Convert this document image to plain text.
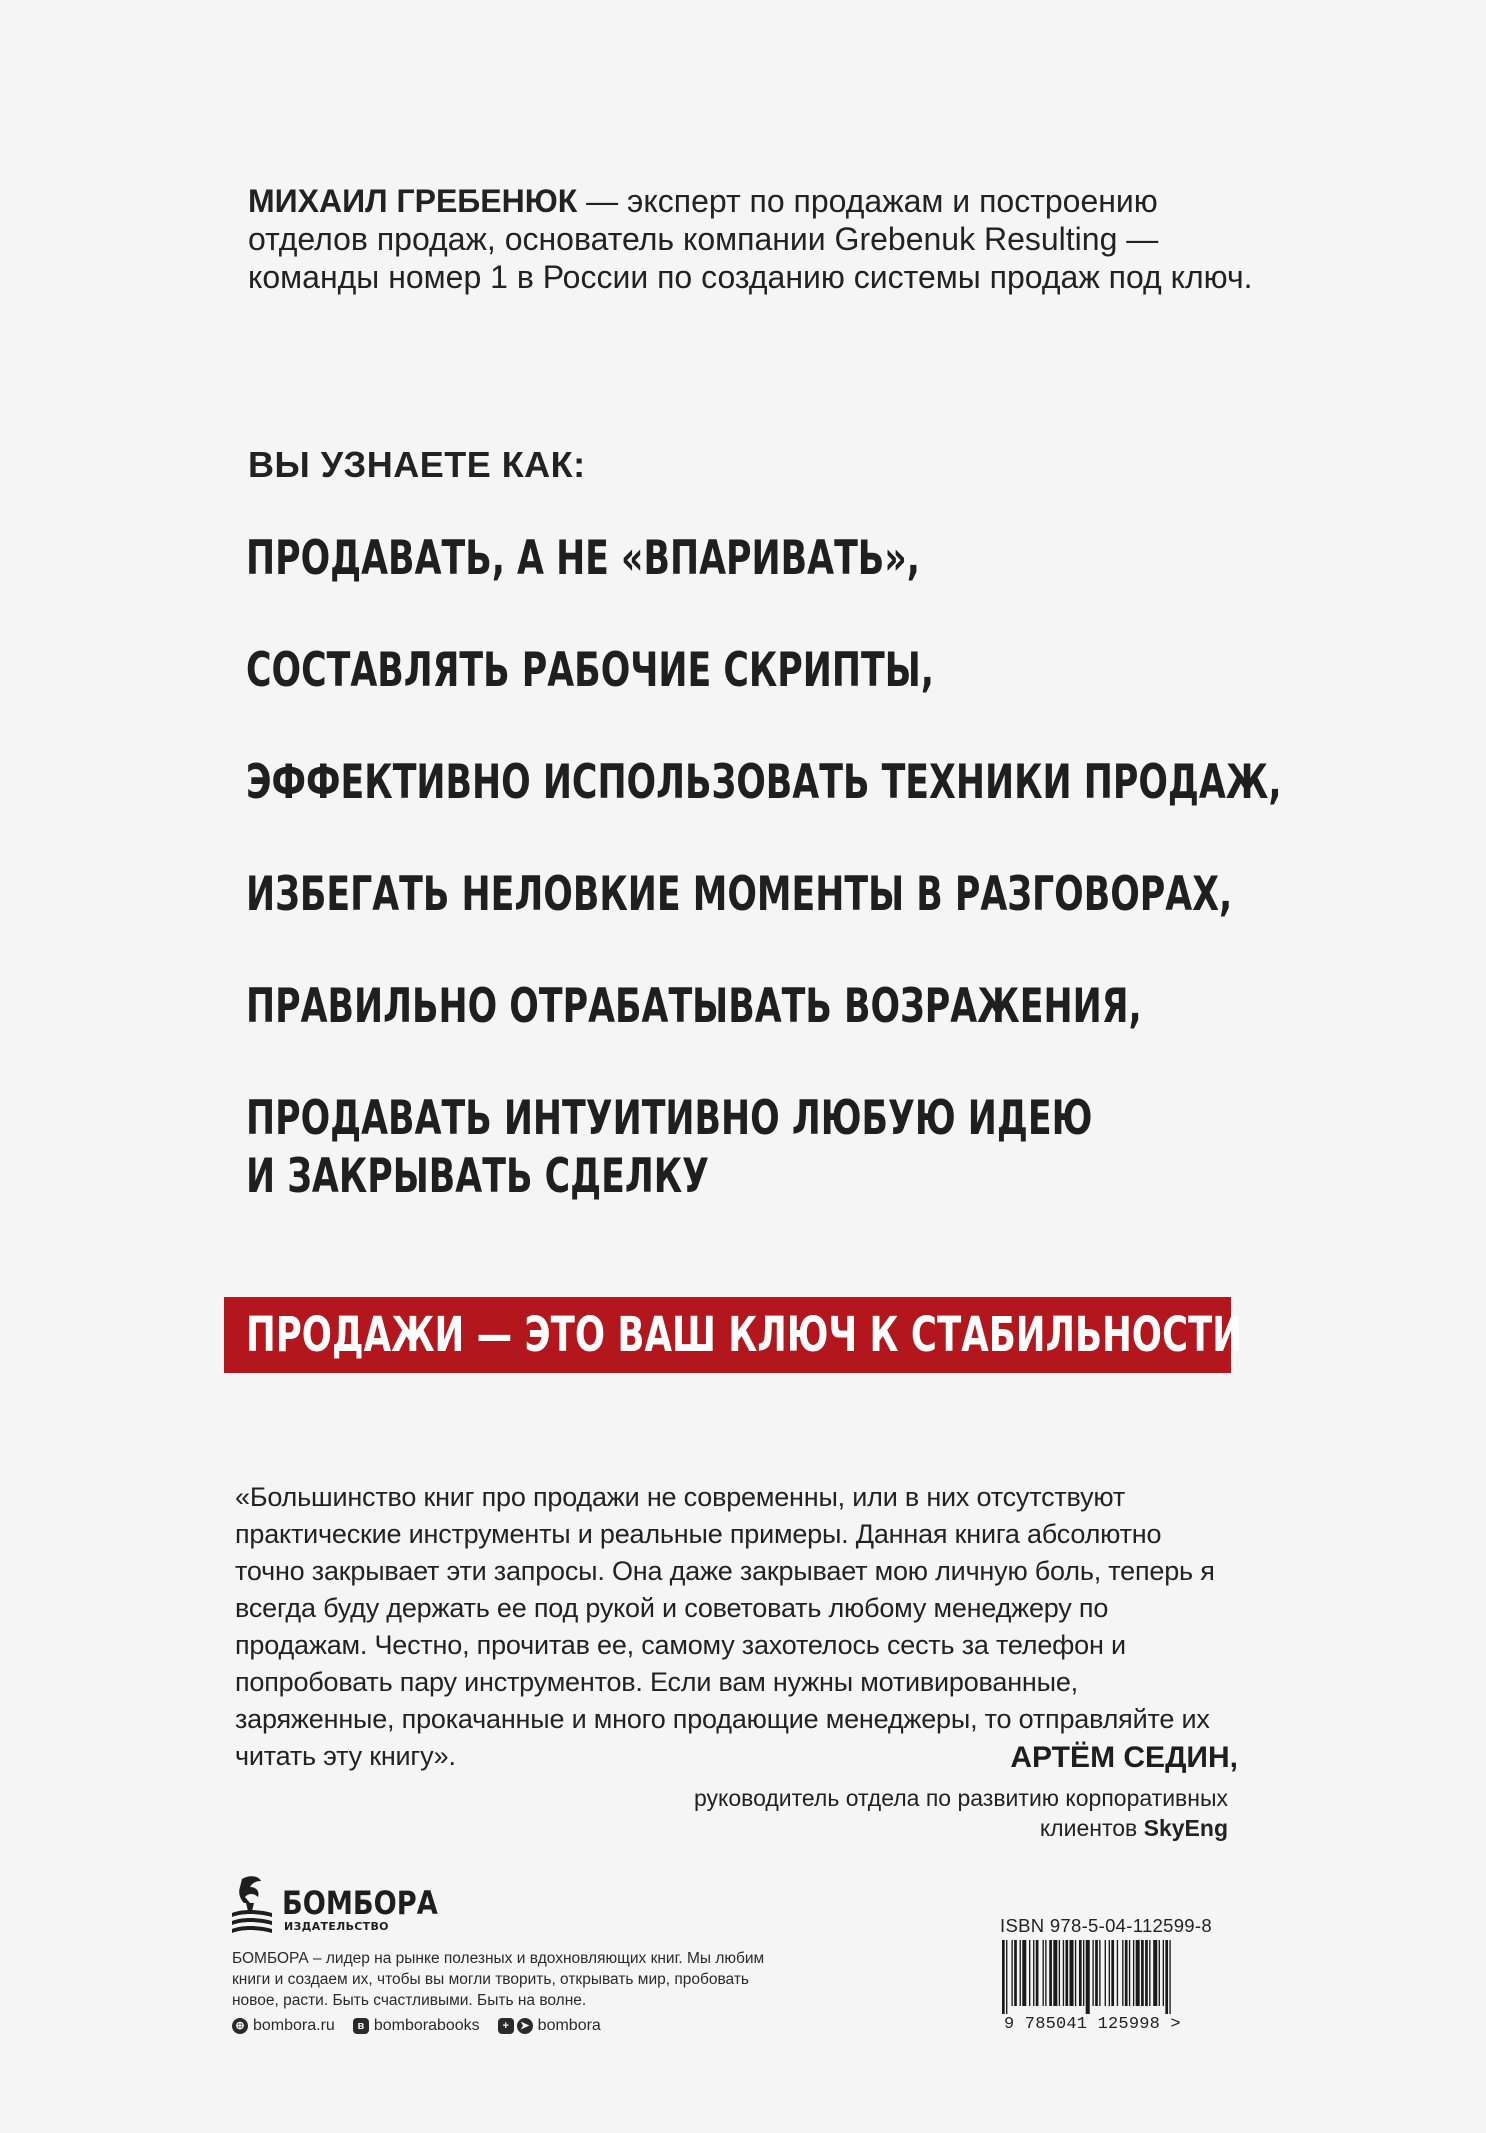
МИХАИЛ ГРЕБЕНЮК — эксперт по продажам и построению отделов продаж, основатель компании Grebenuk Resulting — команды номер 1 в России по созданию системы продаж под ключ.

ВЫ УЗНАЕТЕ КАК:
ПРОДАВАТЬ, А НЕ «ВПАРИВАТЬ»,
СОСТАВЛЯТЬ РАБОЧИЕ СКРИПТЫ,
ЭФФЕКТИВНО ИСПОЛЬЗОВАТЬ ТЕХНИКИ ПРОДАЖ,
ИЗБЕГАТЬ НЕЛОВКИЕ МОМЕНТЫ В РАЗГОВОРАХ,
ПРАВИЛЬНО ОТРАБАТЫВАТЬ ВОЗРАЖЕНИЯ,
ПРОДАВАТЬ ИНТУИТИВНО ЛЮБУЮ ИДЕЮ
И ЗАКРЫВАТЬ СДЕЛКУ
ПРОДАЖИ — ЭТО ВАШ КЛЮЧ К СТАБИЛЬНОСТИ

«Большинство книг про продажи не современны, или в них отсутствуют практические инструменты и реальные примеры. Данная книга абсолютно точно закрывает эти запросы. Она даже закрывает мою личную боль, теперь я всегда буду держать ее под рукой и советовать любому менеджеру по продажам. Честно, прочитав ее, самому захотелось сесть за телефон и попробовать пару инструментов. Если вам нужны мотивированные, заряженные, прокачанные и много продающие менеджеры, то отправляйте их читать эту книгу».	АРТЁМ СЕДИН,
руководитель отдела по развитию корпоративных клиентов SkyEng
БОМБОРА
ИЗДАТЕЛЬСТВО

БОМБОРА – лидер на рынке полезных и вдохновляющих книг. Мы любим книги и создаем их, чтобы вы могли творить, открывать мир, пробовать новое, расти. Быть счастливыми. Быть на волне.

⊕ bombora.ru	в bomborabooks	+	➤ bombora
ISBN 978-5-04-112599-8
9 785041 125998 >
